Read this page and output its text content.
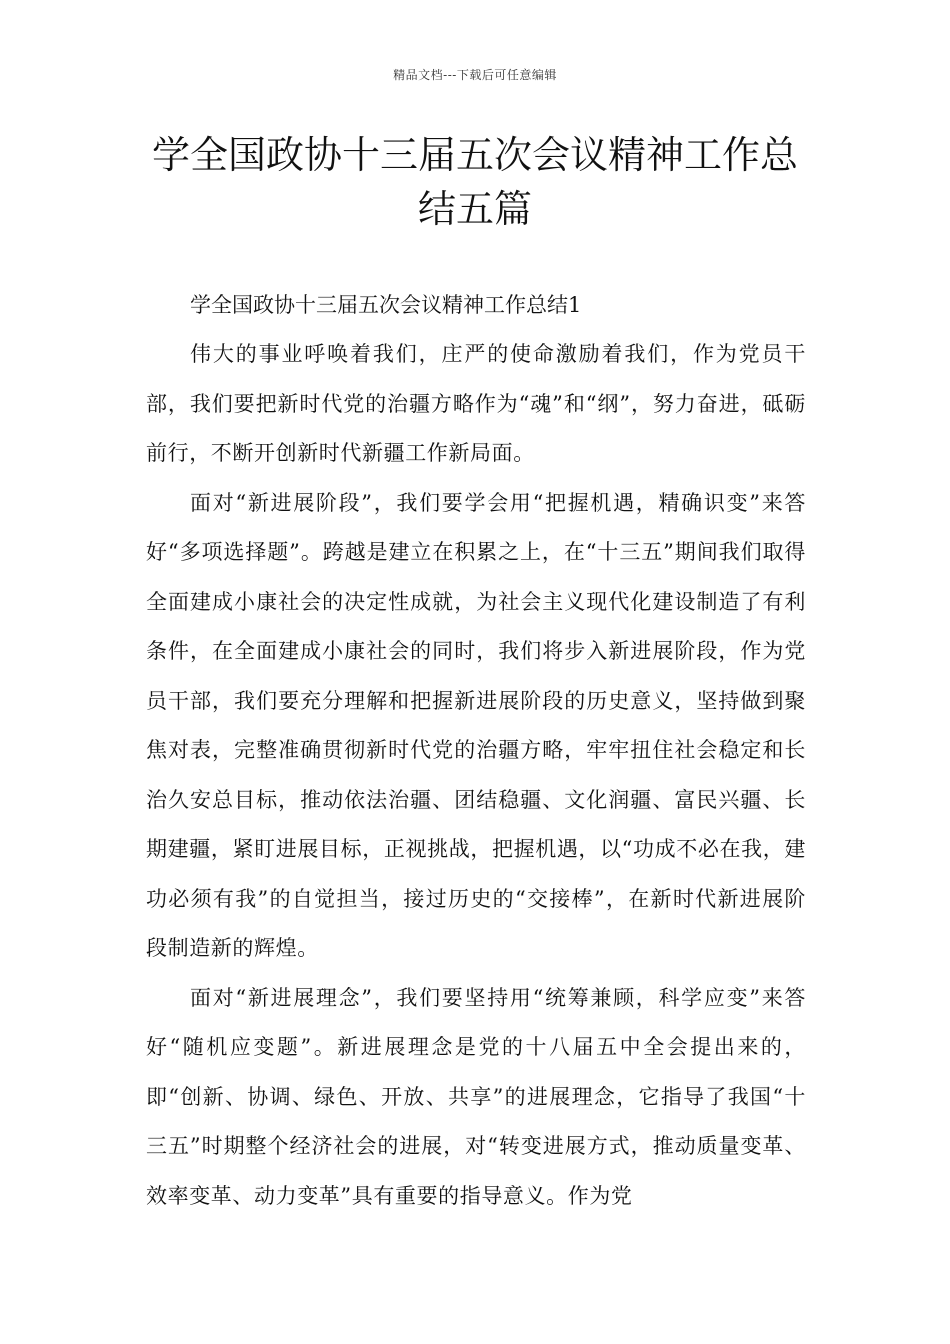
精品文档---下载后可任意编辑
学全国政协十三届五次会议精神工作总
结五篇

学全国政协十三届五次会议精神工作总结1

伟大的事业呼唤着我们，庄严的使命激励着我们，作为党员干部，我们要把新时代党的治疆方略作为“魂”和“纲”，努力奋进，砥砺前行，不断开创新时代新疆工作新局面。

面对“新进展阶段”，我们要学会用“把握机遇，精确识变”来答好“多项选择题”。跨越是建立在积累之上，在“十三五”期间我们取得全面建成小康社会的决定性成就，为社会主义现代化建设制造了有利条件，在全面建成小康社会的同时，我们将步入新进展阶段，作为党员干部，我们要充分理解和把握新进展阶段的历史意义，坚持做到聚焦对表，完整准确贯彻新时代党的治疆方略，牢牢扭住社会稳定和长治久安总目标，推动依法治疆、团结稳疆、文化润疆、富民兴疆、长期建疆，紧盯进展目标，正视挑战，把握机遇，以“功成不必在我，建功必须有我”的自觉担当，接过历史的“交接棒”，在新时代新进展阶段制造新的辉煌。

面对“新进展理念”，我们要坚持用“统筹兼顾，科学应变”来答好“随机应变题”。新进展理念是党的十八届五中全会提出来的，即“创新、协调、绿色、开放、共享”的进展理念，它指导了我国“十三五”时期整个经济社会的进展，对“转变进展方式，推动质量变革、效率变革、动力变革”具有重要的指导意义。作为党
